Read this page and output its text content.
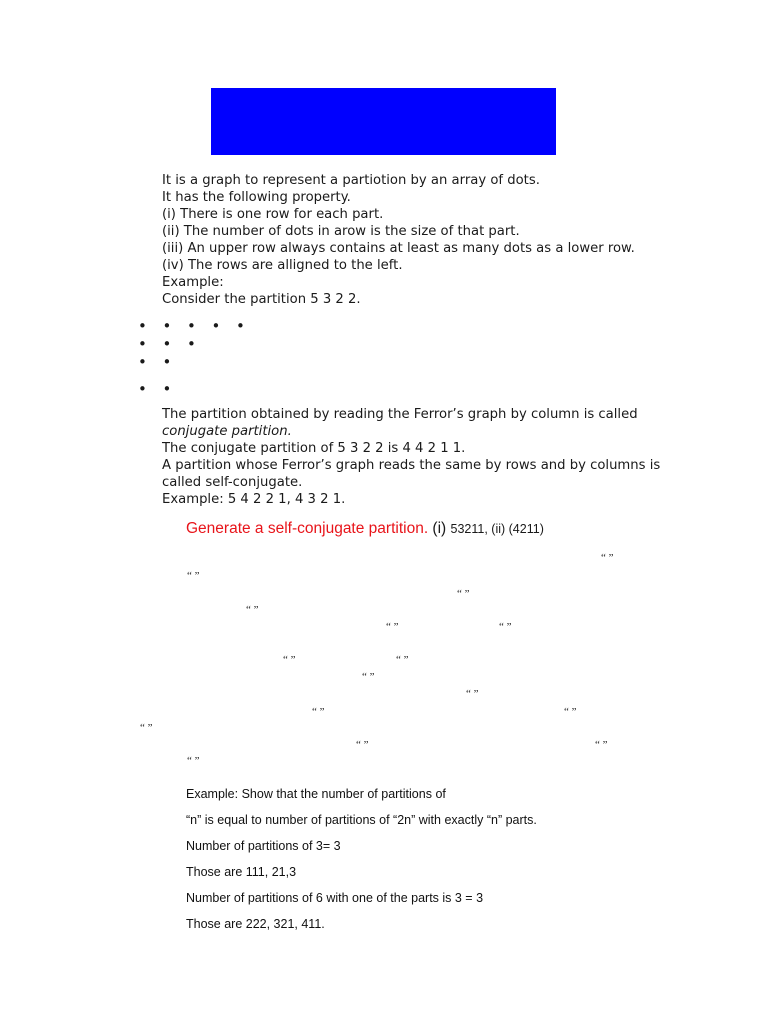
It is a graph to represent a partiotion by an array of dots.
It has the following property.
(i) There is one row for each part.
(ii) The number of dots in arow is the size of that part.
(iii) An upper row always contains at least as many dots as a lower row.
(iv) The rows are alligned to the left.
Example:
Consider the partition 5 3 2 2.
• • • • •
• • •
• •
• •
The partition obtained by reading the Ferror’s graph by column is called
conjugate partition.
The conjugate partition of 5 3 2 2 is 4 4 2 1 1.
A partition whose Ferror’s graph reads the same by rows and by columns is
called self-conjugate.
Example: 5 4 2 2 1, 4 3 2 1.
Generate a self-conjugate partition. (i) 53211, (ii) (4211)
“ ”
“ ”
“ ”
“ ”
“ ”	“ ”
“ ”	“ ”
“ ”
“ ”
“ ”	“ ”
“ ”
“ ”	“ ”
“ ”
Example: Show that the number of partitions of
“n” is equal to number of partitions of “2n” with exactly “n” parts.
Number of partitions of 3= 3
Those are 111, 21,3
Number of partitions of 6 with one of the parts is 3 = 3
Those are 222, 321, 411.
